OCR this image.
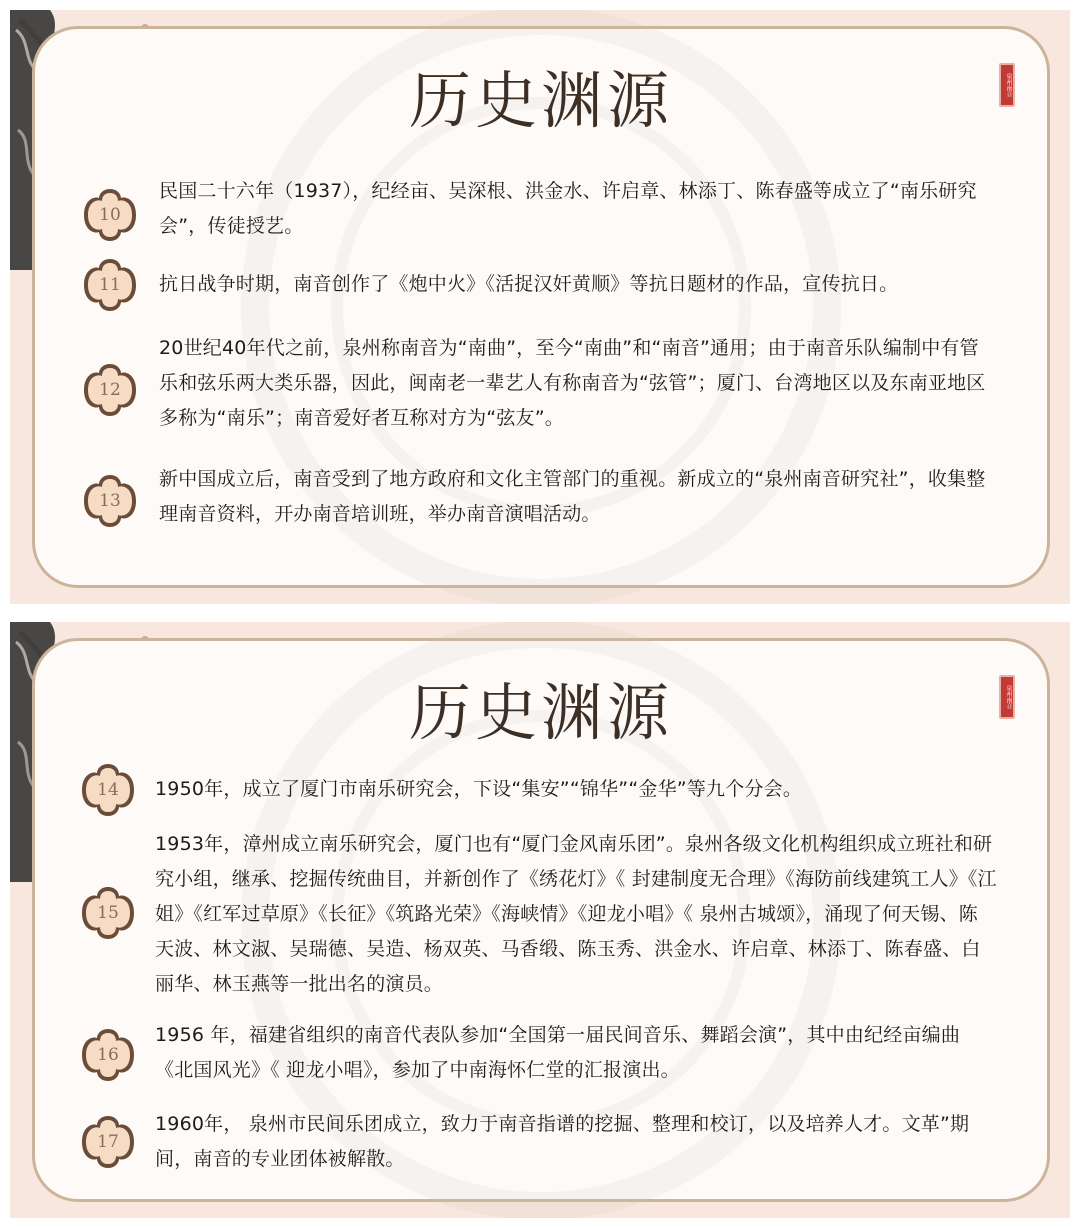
历史渊源	泉州南音
10
民国二十六年（1937），纪经亩、吴深根、洪金水、许启章、林添丁、陈春盛等成立了“南乐研究会”，传徒授艺。
11	抗日战争时期，南音创作了《炮中火》《活捉汉奸黄顺》等抗日题材的作品，宣传抗日。
12
20世纪40年代之前，泉州称南音为“南曲”，至今“南曲”和“南音”通用；由于南音乐队编制中有管乐和弦乐两大类乐器，因此，闽南老一辈艺人有称南音为“弦管”；厦门、台湾地区以及东南亚地区多称为“南乐”；南音爱好者互称对方为“弦友”。
13
新中国成立后，南音受到了地方政府和文化主管部门的重视。新成立的“泉州南音研究社”，收集整理南音资料，开办南音培训班，举办南音演唱活动。
历史渊源	泉州南音
14	1950年，成立了厦门市南乐研究会，下设“集安”“锦华”“金华”等九个分会。
15
1953年，漳州成立南乐研究会，厦门也有“厦门金风南乐团”。泉州各级文化机构组织成立班社和研究小组，继承、挖掘传统曲目，并新创作了《绣花灯》《 封建制度无合理》《海防前线建筑工人》《江姐》《红军过草原》《长征》《筑路光荣》《海峡情》《迎龙小唱》《 泉州古城颂》，涌现了何天锡、陈天波、林文淑、吴瑞德、吴造、杨双英、马香缎、陈玉秀、洪金水、许启章、林添丁、陈春盛、白丽华、林玉燕等一批出名的演员。
16
1956 年，福建省组织的南音代表队参加“全国第一届民间音乐、舞蹈会演”，其中由纪经亩编曲《北国风光》《 迎龙小唱》，参加了中南海怀仁堂的汇报演出。
17
1960年， 泉州市民间乐团成立，致力于南音指谱的挖掘、整理和校订，以及培养人才。文革”期间，南音的专业团体被解散。
